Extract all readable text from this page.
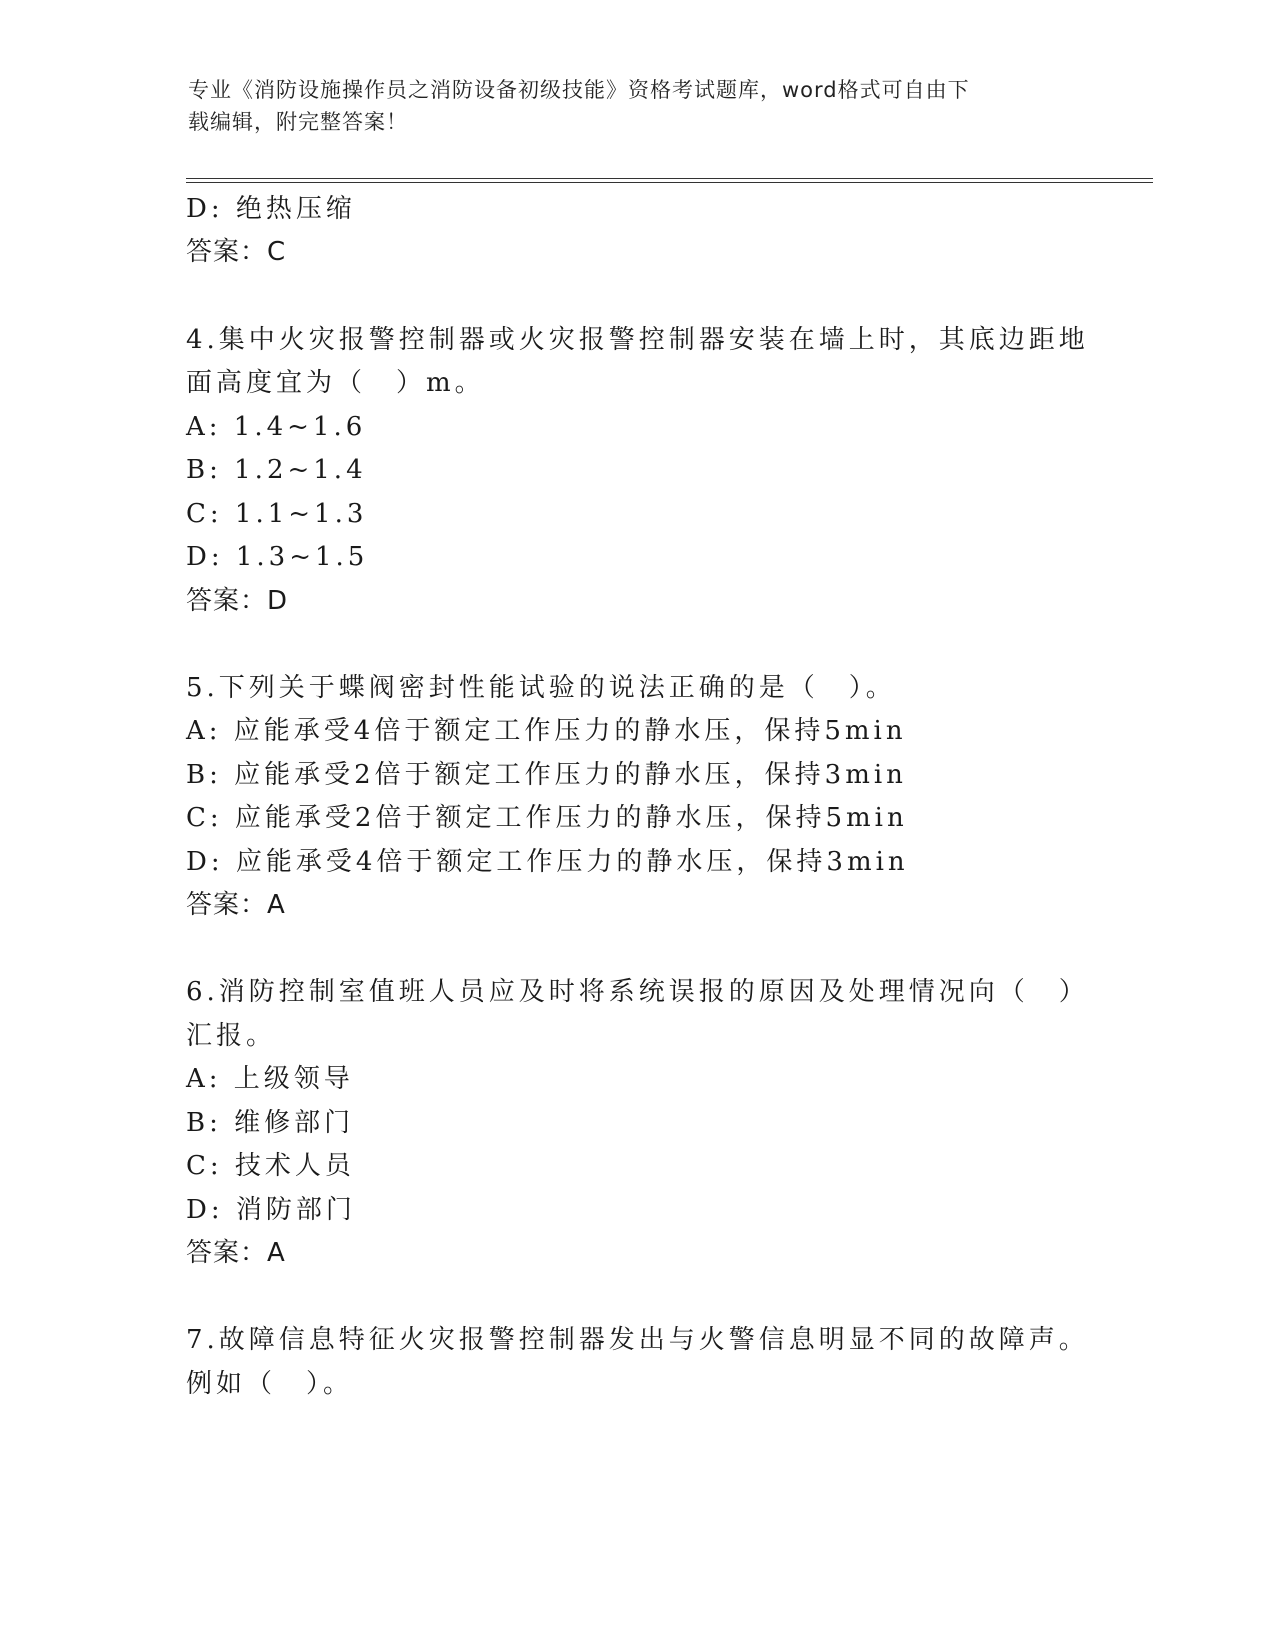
专业《消防设施操作员之消防设备初级技能》资格考试题库，word格式可自由下
载编辑，附完整答案！
D: 绝热压缩
答案：C
4.集中火灾报警控制器或火灾报警控制器安装在墙上时，其底边距地
面高度宜为（　）m。
A: 1.4~1.6
B: 1.2~1.4
C: 1.1~1.3
D: 1.3~1.5
答案：D
5.下列关于蝶阀密封性能试验的说法正确的是（　）。
A: 应能承受4倍于额定工作压力的静水压，保持5min
B: 应能承受2倍于额定工作压力的静水压，保持3min
C: 应能承受2倍于额定工作压力的静水压，保持5min
D: 应能承受4倍于额定工作压力的静水压，保持3min
答案：A
6.消防控制室值班人员应及时将系统误报的原因及处理情况向（　）
汇报。
A: 上级领导
B: 维修部门
C: 技术人员
D: 消防部门
答案：A
7.故障信息特征火灾报警控制器发出与火警信息明显不同的故障声。
例如（　）。
